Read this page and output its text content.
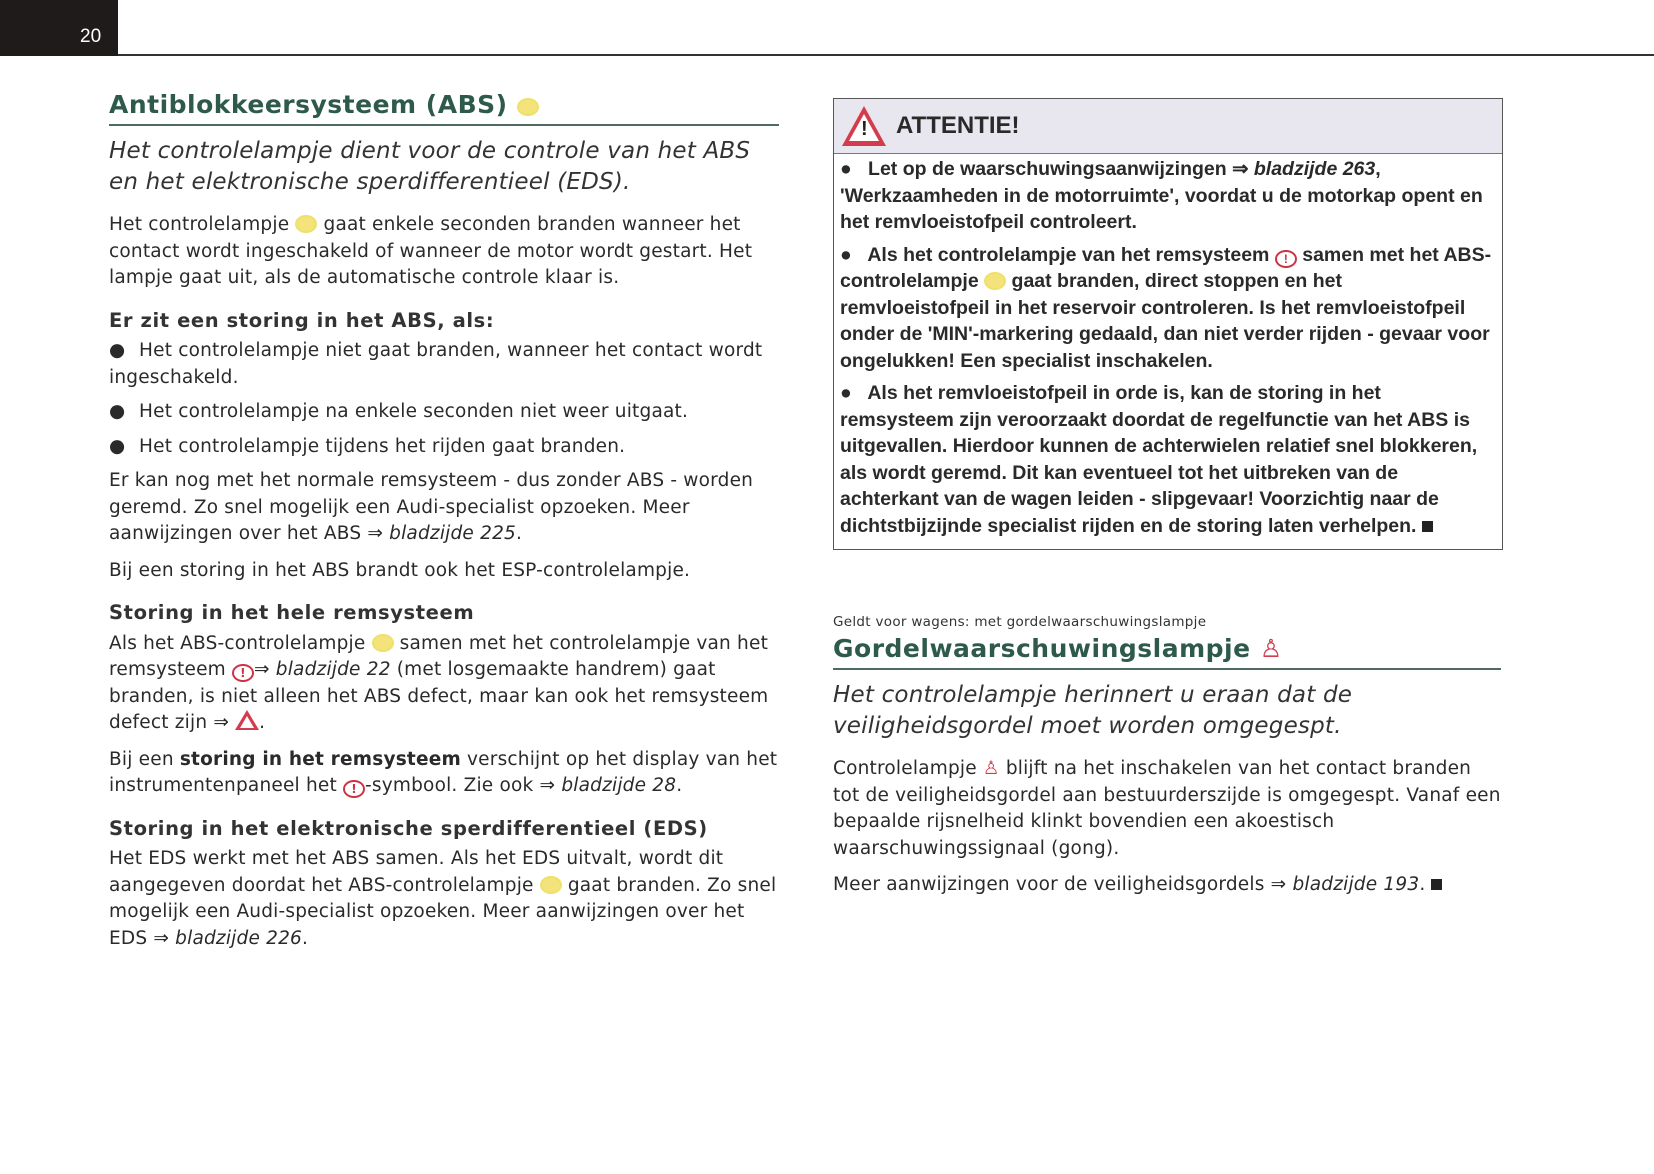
20
Antiblokkeersysteem (ABS)
Het controlelampje dient voor de controle van het ABS en het elektronische sperdifferentieel (EDS).

Het controlelampje gaat enkele seconden branden wanneer het contact wordt ingeschakeld of wanneer de motor wordt gestart. Het lampje gaat uit, als de automatische controle klaar is.

Er zit een storing in het ABS, als:

● Het controlelampje niet gaat branden, wanneer het contact wordt ingeschakeld.

● Het controlelampje na enkele seconden niet weer uitgaat.

● Het controlelampje tijdens het rijden gaat branden.

Er kan nog met het normale remsysteem - dus zonder ABS - worden geremd. Zo snel mogelijk een Audi-specialist opzoeken. Meer aanwijzingen over het ABS ⇒ bladzijde 225.

Bij een storing in het ABS brandt ook het ESP-controlelampje.

Storing in het hele remsysteem

Als het ABS-controlelampje samen met het controlelampje van het remsysteem ! ⇒ bladzijde 22 (met losgemaakte handrem) gaat branden, is niet alleen het ABS defect, maar kan ook het remsysteem defect zijn ⇒ .

Bij een storing in het remsysteem verschijnt op het display van het instrumentenpaneel het ! -symbool. Zie ook ⇒ bladzijde 28.

Storing in het elektronische sperdifferentieel (EDS)

Het EDS werkt met het ABS samen. Als het EDS uitvalt, wordt dit aangegeven doordat het ABS-controlelampje gaat branden. Zo snel mogelijk een Audi-specialist opzoeken. Meer aanwijzingen over het EDS ⇒ bladzijde 226.

! ATTENTIE!

●   Let op de waarschuwingsaanwijzingen ⇒ bladzijde 263, 'Werkzaamheden in de motorruimte', voordat u de motorkap opent en het remvloeistofpeil controleert.

●   Als het controlelampje van het remsysteem ! samen met het ABS-controlelampje gaat branden, direct stoppen en het remvloeistofpeil in het reservoir controleren. Is het remvloeistofpeil onder de 'MIN'-markering gedaald, dan niet verder rijden - gevaar voor ongelukken! Een specialist inschakelen.

●   Als het remvloeistofpeil in orde is, kan de storing in het remsysteem zijn veroorzaakt doordat de regelfunctie van het ABS is uitgevallen. Hierdoor kunnen de achterwielen relatief snel blokkeren, als wordt geremd. Dit kan eventueel tot het uitbreken van de achterkant van de wagen leiden - slipgevaar! Voorzichtig naar de dichtstbijzijnde specialist rijden en de storing laten verhelpen.

Geldt voor wagens: met gordelwaarschuwingslampje
Gordelwaarschuwingslampje ♙
Het controlelampje herinnert u eraan dat de veiligheidsgordel moet worden omgegespt.

Controlelampje ♙ blijft na het inschakelen van het contact branden tot de veiligheidsgordel aan bestuurderszijde is omgegespt. Vanaf een bepaalde rijsnelheid klinkt bovendien een akoestisch waarschuwingssignaal (gong).

Meer aanwijzingen voor de veiligheidsgordels ⇒ bladzijde 193.
